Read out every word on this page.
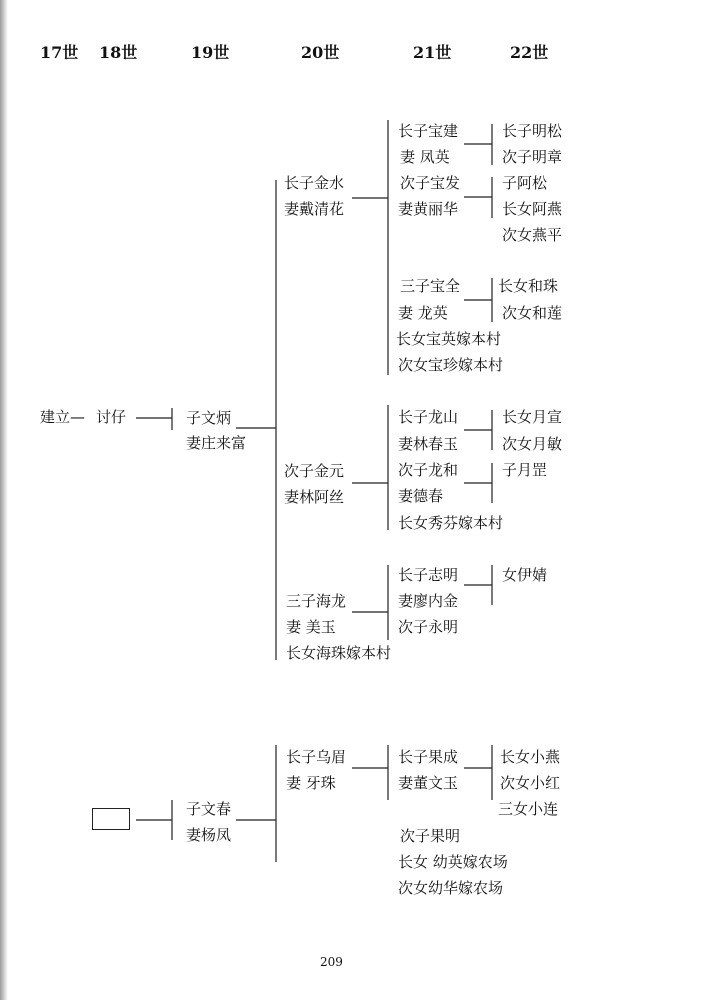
17世 18世	19世	20世	21世	22世
建立— 讨仔	子文炳
妻庄来富
长子金水
妻戴清花
长子宝建
妻 凤英
次子宝发
妻黄丽华
三子宝全
妻 龙英
长女宝英嫁本村
次女宝珍嫁本村
长子明松
次子明章
子阿松
长女阿燕
次女燕平
长女和珠
次女和莲
次子金元
妻林阿丝
长子龙山
妻林春玉
次子龙和
妻德春
长女秀芬嫁本村
长女月宣
次女月敏
子月罡
三子海龙
妻 美玉
长女海珠嫁本村
长子志明
妻廖内金
次子永明
女伊婧
子文春
妻杨凤
长子乌眉
妻 牙珠
长子果成
妻董文玉
次子果明
长女 幼英嫁农场
次女幼华嫁农场
长女小燕
次女小红
三女小连
209
